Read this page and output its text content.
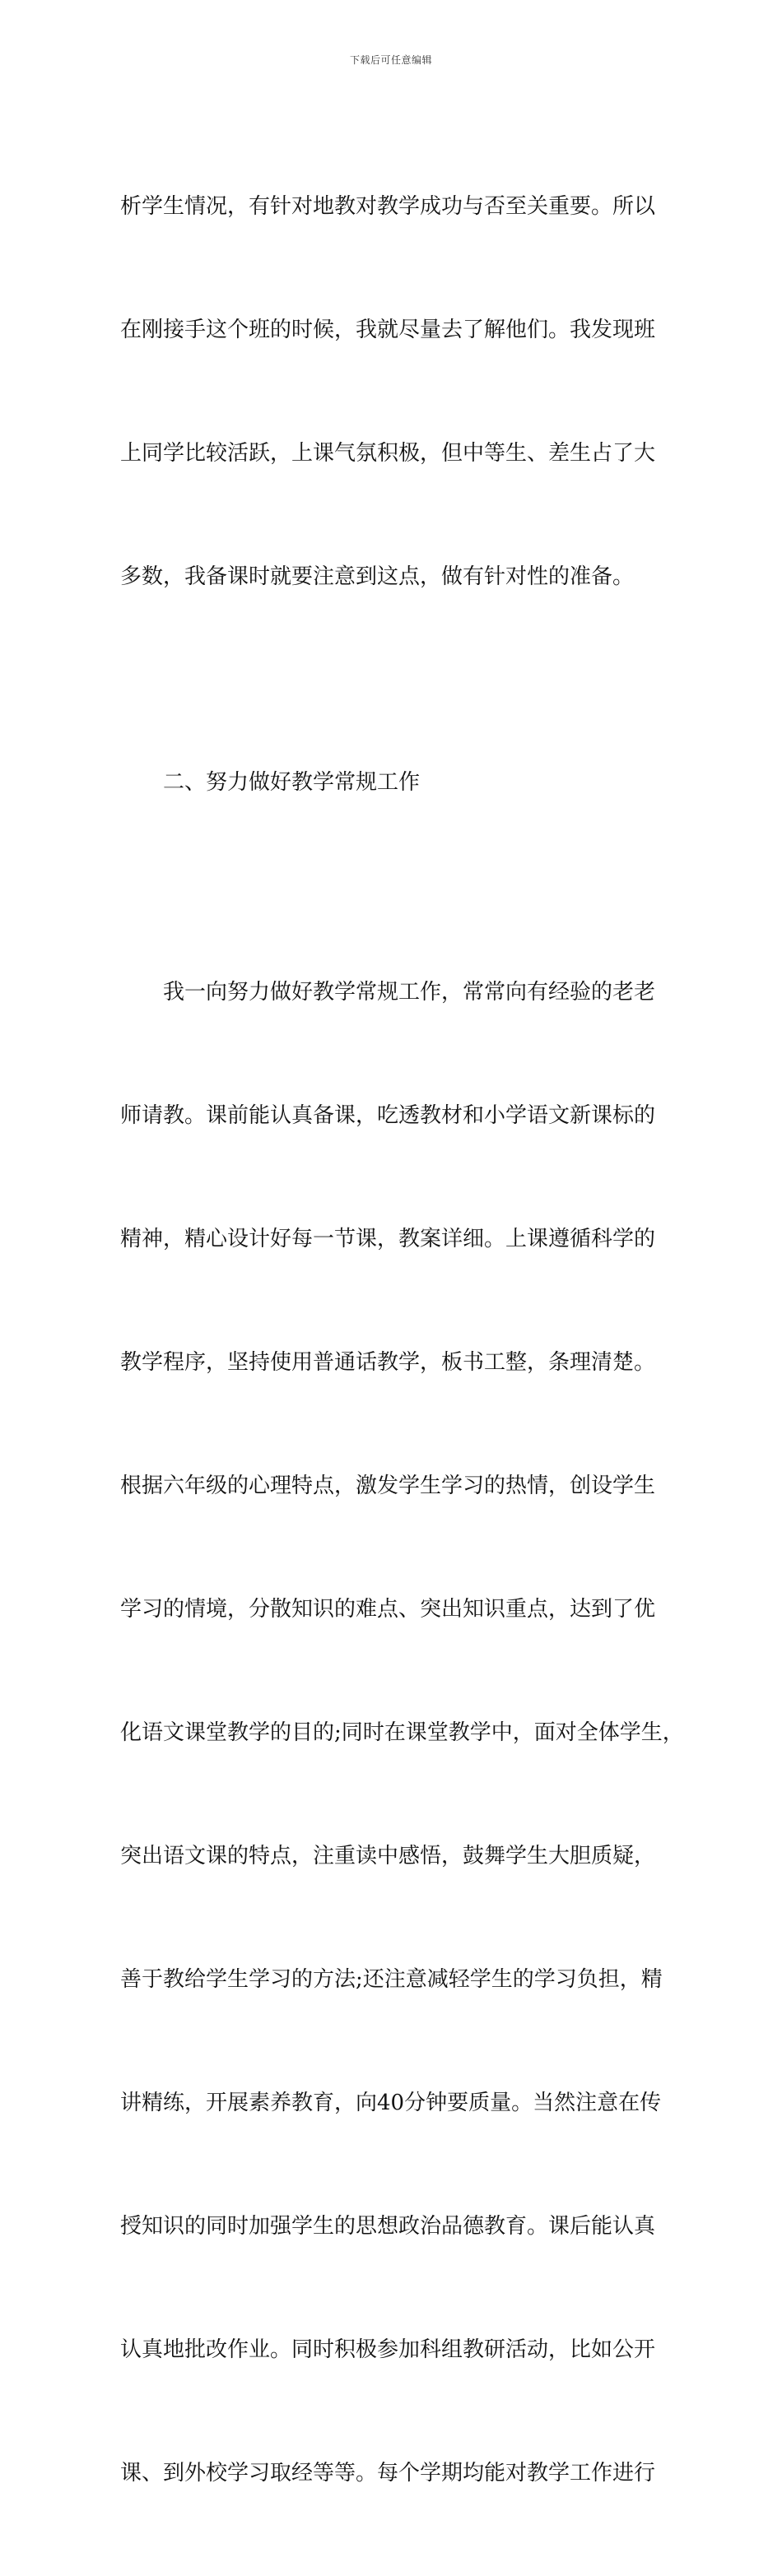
下载后可任意编辑

析学生情况，有针对地教对教学成功与否至关重要。所以

在刚接手这个班的时候，我就尽量去了解他们。我发现班

上同学比较活跃，上课气氛积极，但中等生、差生占了大

多数，我备课时就要注意到这点，做有针对性的准备。

二、努力做好教学常规工作

我一向努力做好教学常规工作，常常向有经验的老老

师请教。课前能认真备课，吃透教材和小学语文新课标的

精神，精心设计好每一节课，教案详细。上课遵循科学的

教学程序，坚持使用普通话教学，板书工整，条理清楚。

根据六年级的心理特点，激发学生学习的热情，创设学生

学习的情境，分散知识的难点、突出知识重点，达到了优

化语文课堂教学的目的;同时在课堂教学中，面对全体学生，

突出语文课的特点，注重读中感悟，鼓舞学生大胆质疑，

善于教给学生学习的方法;还注意减轻学生的学习负担，精

讲精练，开展素养教育，向40分钟要质量。当然注意在传

授知识的同时加强学生的思想政治品德教育。课后能认真

认真地批改作业。同时积极参加科组教研活动，比如公开

课、到外校学习取经等等。每个学期均能对教学工作进行
